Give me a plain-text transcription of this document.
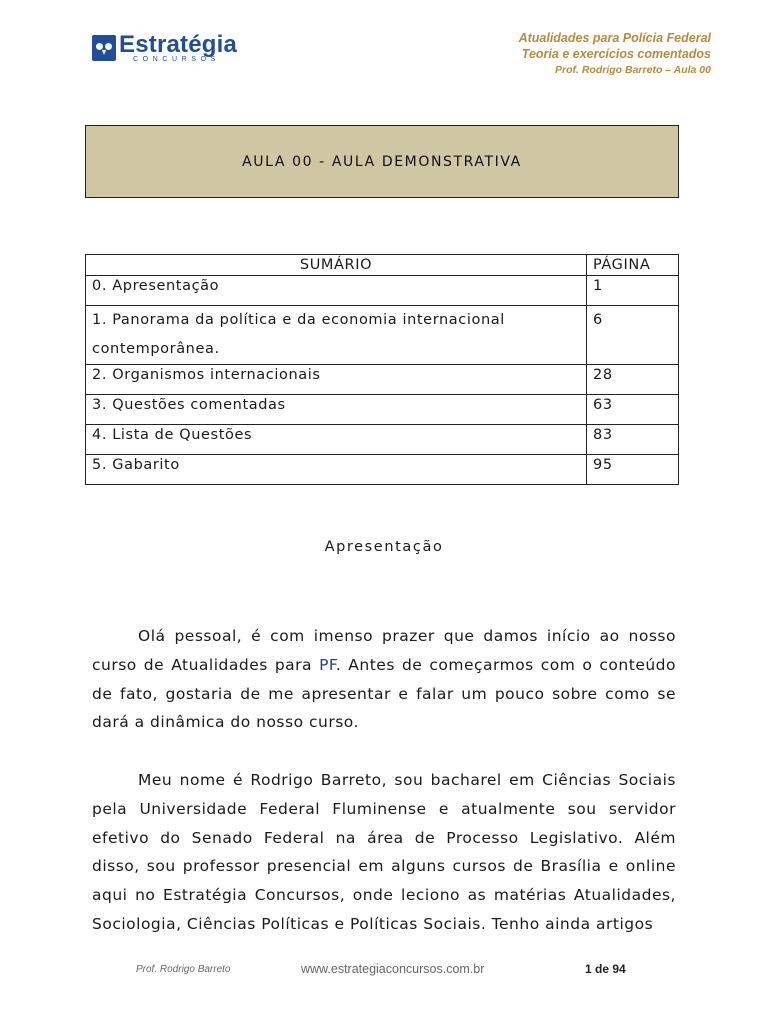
Estratégia
CONCURSOS
Atualidades para Polícia Federal
Teoria e exercícios comentados
Prof. Rodrigo Barreto – Aula 00
AULA 00 - AULA DEMONSTRATIVA
SUMÁRIO	PÁGINA
0. Apresentação	1
1. Panorama da política e da economia internacional contemporânea.	6
2. Organismos internacionais	28
3. Questões comentadas	63
4. Lista de Questões	83
5. Gabarito	95
Apresentação

Olá pessoal, é com imenso prazer que damos início ao nosso curso de Atualidades para PF. Antes de começarmos com o conteúdo de fato, gostaria de me apresentar e falar um pouco sobre como se dará a dinâmica do nosso curso.

Meu nome é Rodrigo Barreto, sou bacharel em Ciências Sociais pela Universidade Federal Fluminense e atualmente sou servidor efetivo do Senado Federal na área de Processo Legislativo. Além disso, sou professor presencial em alguns cursos de Brasília e online aqui no Estratégia Concursos, onde leciono as matérias Atualidades, Sociologia, Ciências Políticas e Políticas Sociais. Tenho ainda artigos

Prof. Rodrigo Barreto	www.estrategiaconcursos.com.br	1 de 94
